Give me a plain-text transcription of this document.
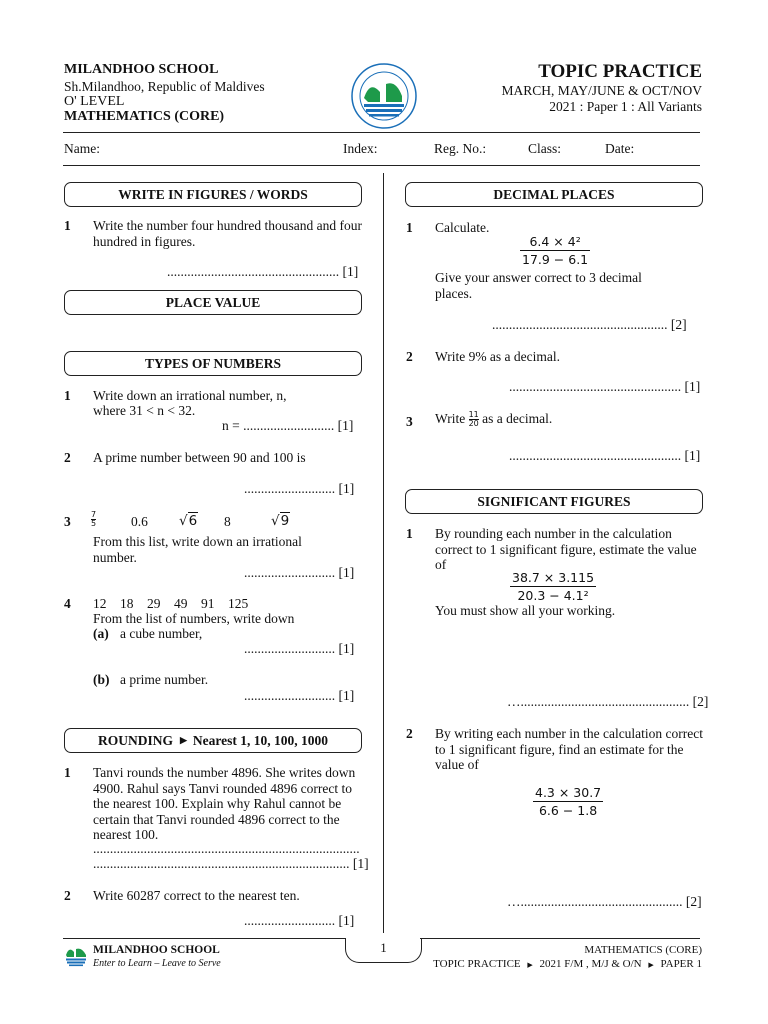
MILANDHOO SCHOOL
Sh.Milandhoo, Republic of Maldives
O' LEVEL
MATHEMATICS (CORE)
TOPIC PRACTICE
MARCH, MAY/JUNE & OCT/NOV
2021 : Paper 1 : All Variants
Name:	Index:	Reg. No.:	Class:	Date:
WRITE IN FIGURES / WORDS
1 Write the number four hundred thousand and four hundred in figures.
................................................... [1]
PLACE VALUE
TYPES OF NUMBERS
1 Write down an irrational number, n,
where 31 < n < 32.
n = ........................... [1]
2 A prime number between 90 and 100 is
........................... [1]
3	7
5	0.6 √6 8	√9
From this list, write down an irrational number.
........................... [1]
4 12    18    29    49    91    125
From the list of numbers, write down
(a) a cube number,
........................... [1]
(b) a prime number.
........................... [1]
ROUNDING ▶ Nearest 1, 10, 100, 1000
1 Tanvi rounds the number 4896. She writes down 4900. Rahul says Tanvi rounded 4896 correct to the nearest 100. Explain why Rahul cannot be certain that Tanvi rounded 4896 correct to the nearest 100.
...............................................................................
............................................................................ [1]
2 Write 60287 correct to the nearest ten.
........................... [1]
DECIMAL PLACES
1 Calculate.
$\frac{\text{6.4 × 4²}}{17.9 - 6.1}$
Give your answer correct to 3 decimal places.
.................................................... [2]
2 Write 9% as a decimal.
................................................... [1]
3 Write $\frac{11}{20}$ as a decimal.
................................................... [1]
SIGNIFICANT FIGURES
1 By rounding each number in the calculation correct to 1 significant figure, estimate the value of
$\frac{38.7 \times 3.115}{\text{20.3 − 4.1²}}$
You must show all your working.
….................................................. [2]
2 By writing each number in the calculation correct to 1 significant figure, find an estimate for the value of
$\frac{4.3 \times 30.7}{6.6 - 1.8}$
…................................................ [2]
1
MILANDHOO SCHOOL
Enter to Learn – Leave to Serve
MATHEMATICS (CORE)
TOPIC PRACTICE ▶ 2021 F/M , M/J & O/N ▶ PAPER 1
